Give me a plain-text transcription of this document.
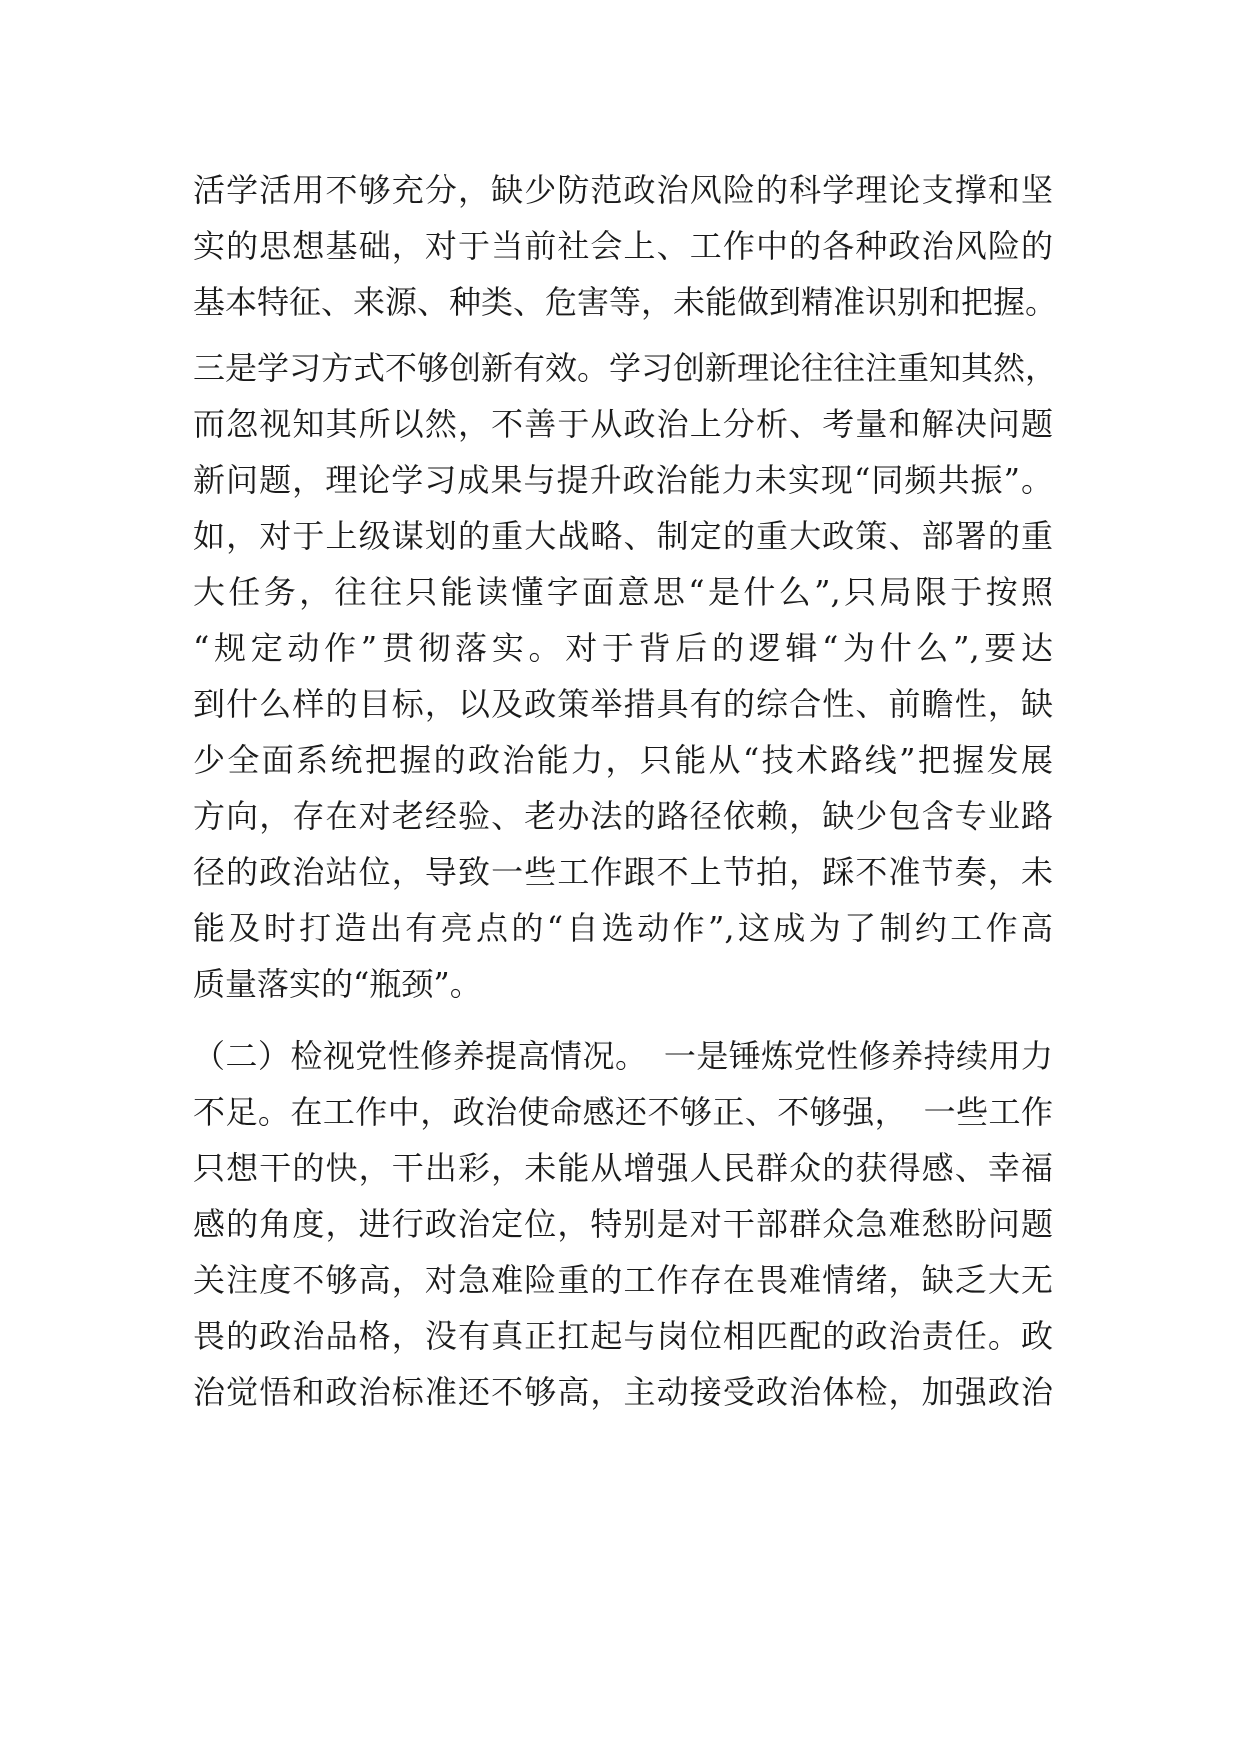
活学活用不够充分，缺少防范政治风险的科学理论支撑和坚
实的思想基础，对于当前社会上、工作中的各种政治风险的
基本特征、来源、种类、危害等，未能做到精准识别和把握。
三是学习方式不够创新有效。学习创新理论往往注重知其然，
而忽视知其所以然，不善于从政治上分析、考量和解决问题
新问题，理论学习成果与提升政治能力未实现“同频共振”。
如，对于上级谋划的重大战略、制定的重大政策、部署的重
大任务，往往只能读懂字面意思“是什么”,只局限于按照
“规定动作”贯彻落实。对于背后的逻辑“为什么”,要达
到什么样的目标，以及政策举措具有的综合性、前瞻性，缺
少全面系统把握的政治能力，只能从“技术路线”把握发展
方向，存在对老经验、老办法的路径依赖，缺少包含专业路
径的政治站位，导致一些工作跟不上节拍，踩不准节奏，未
能及时打造出有亮点的“自选动作”,这成为了制约工作高
质量落实的“瓶颈”。
（二）检视党性修养提高情况。　一是锤炼党性修养持续用力
不足。在工作中，政治使命感还不够正、不够强，　一些工作
只想干的快，干出彩，未能从增强人民群众的获得感、幸福
感的角度，进行政治定位，特别是对干部群众急难愁盼问题
关注度不够高，对急难险重的工作存在畏难情绪，缺乏大无
畏的政治品格，没有真正扛起与岗位相匹配的政治责任。政
治觉悟和政治标准还不够高，主动接受政治体检，加强政治
